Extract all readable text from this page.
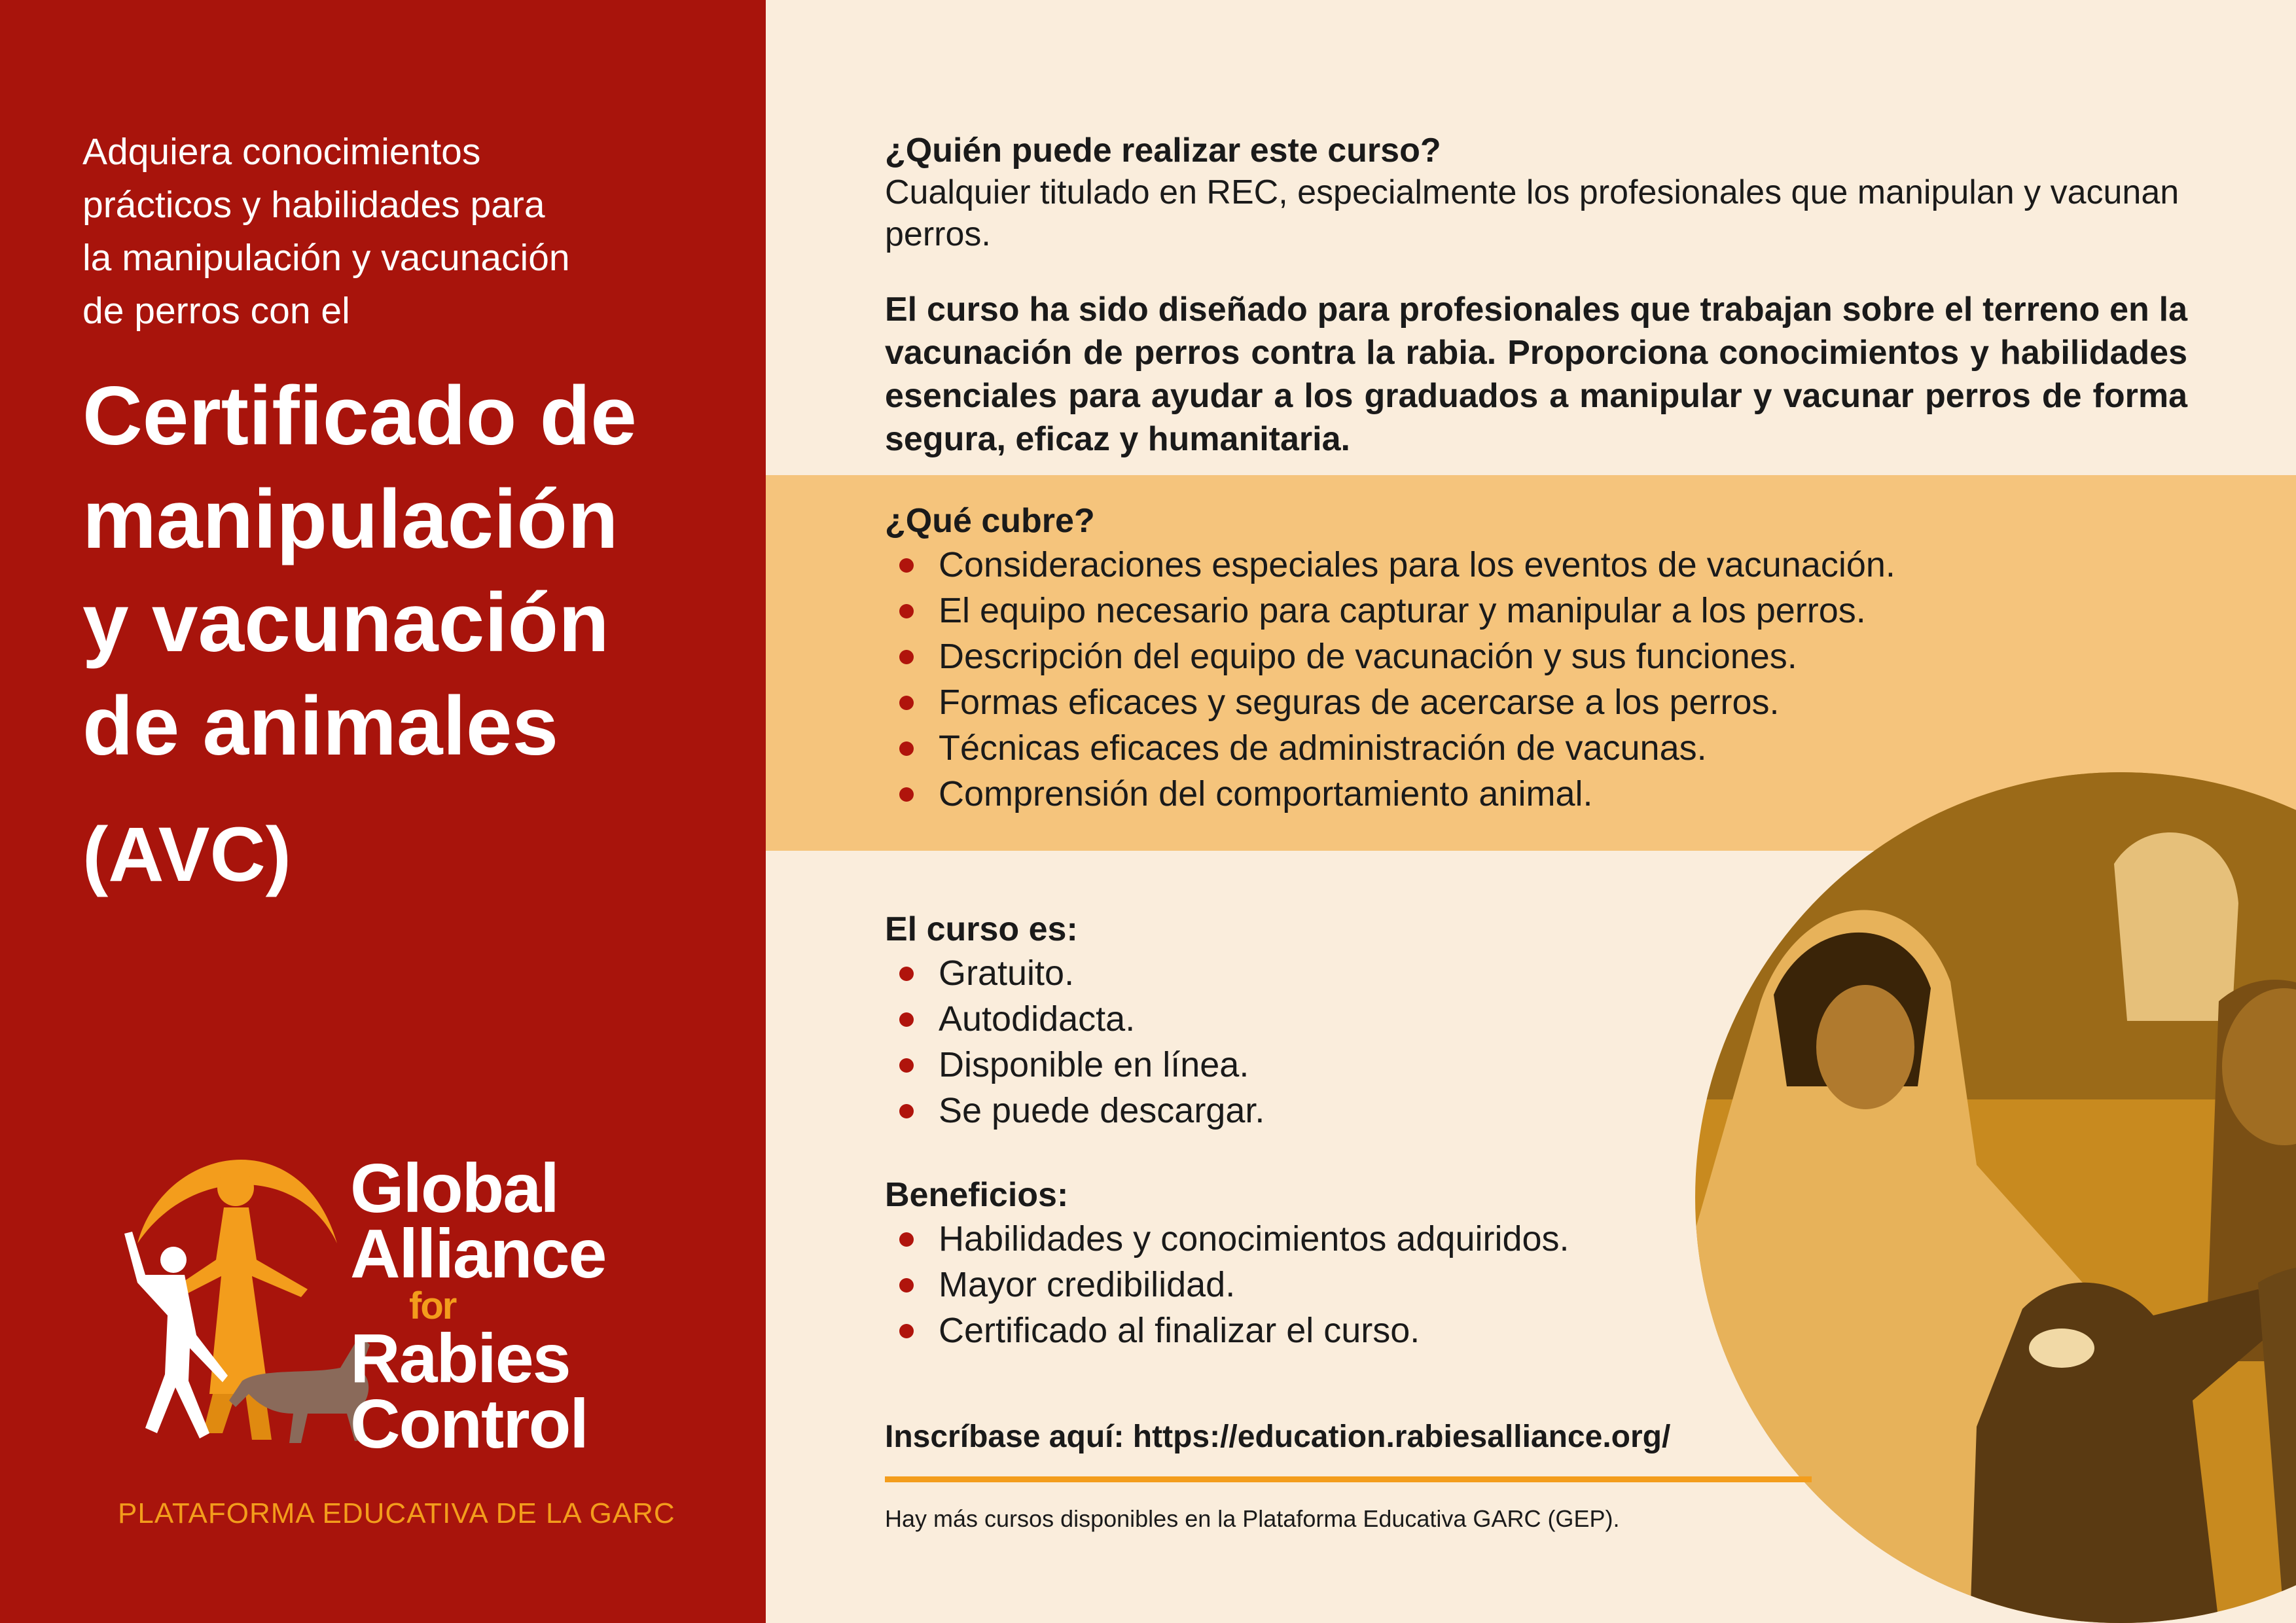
Adquiera conocimientos
prácticos y habilidades para
la manipulación y vacunación
de perros con el
Certificado de
manipulación
y vacunación
de animales
(AVC)
Global
Alliance
for
Rabies
Control
PLATAFORMA EDUCATIVA DE LA GARC
¿Quién puede realizar este curso?
Cualquier titulado en REC, especialmente los profesionales que manipulan y vacunan perros.
El curso ha sido diseñado para profesionales que trabajan sobre el terreno en la vacunación de perros contra la rabia. Proporciona conocimientos y habilidades esenciales para ayudar a los graduados a manipular y vacunar perros de forma segura, eficaz y humanitaria.
¿Qué cubre?
Consideraciones especiales para los eventos de vacunación.
El equipo necesario para capturar y manipular a los perros.
Descripción del equipo de vacunación y sus funciones.
Formas eficaces y seguras de acercarse a los perros.
Técnicas eficaces de administración de vacunas.
Comprensión del comportamiento animal.
El curso es:
Gratuito.
Autodidacta.
Disponible en línea.
Se puede descargar.
Beneficios:
Habilidades y conocimientos adquiridos.
Mayor credibilidad.
Certificado al finalizar el curso.
Inscríbase aquí: https://education.rabiesalliance.org/
Hay más cursos disponibles en la Plataforma Educativa GARC (GEP).
